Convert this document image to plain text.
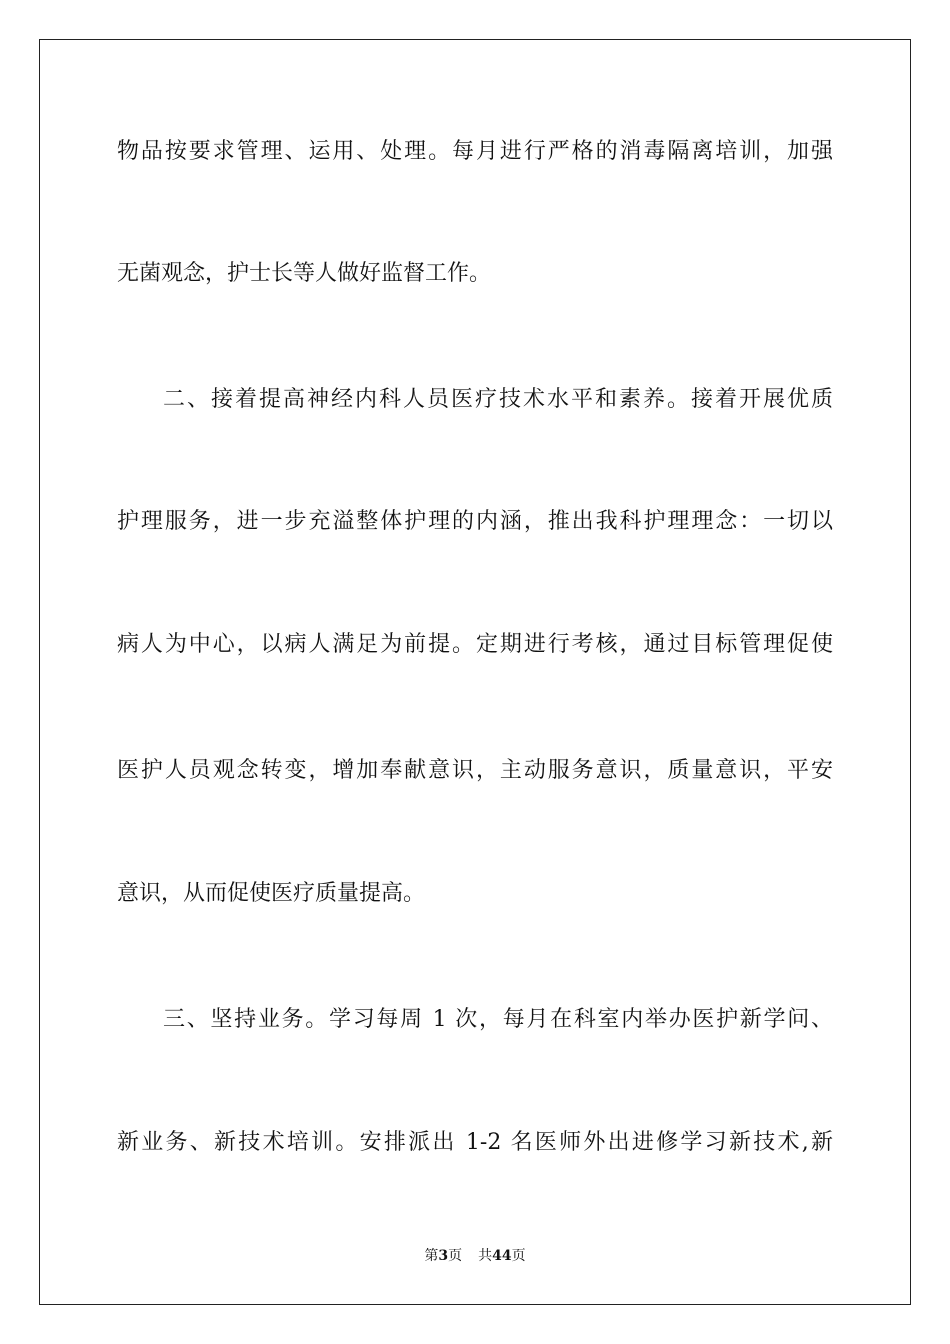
物品按要求管理、运用、处理。每月进行严格的消毒隔离培训，加强
无菌观念，护士长等人做好监督工作。
二、接着提高神经内科人员医疗技术水平和素养。接着开展优质
护理服务，进一步充溢整体护理的内涵，推出我科护理理念：一切以
病人为中心，以病人满足为前提。定期进行考核，通过目标管理促使
医护人员观念转变，增加奉献意识，主动服务意识，质量意识，平安
意识，从而促使医疗质量提高。
三、坚持业务。学习每周 1 次，每月在科室内举办医护新学问、
新业务、新技术培训。安排派出 1-2 名医师外出进修学习新技术,新
第3页 共44页
